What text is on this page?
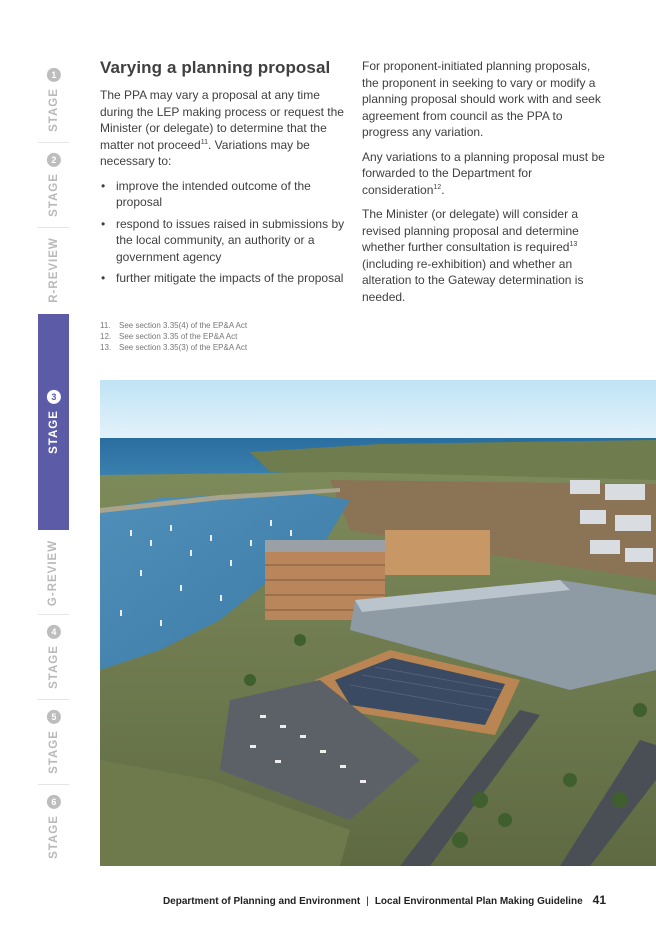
STAGE
1
STAGE
2
R-REVIEW
STAGE
3
G-REVIEW
STAGE
4
STAGE
5
STAGE
6
Varying a planning proposal

The PPA may vary a proposal at any time during the LEP making process or request the Minister (or delegate) to determine that the matter not proceed$^{11}$. Variations may be necessary to:

• improve the intended outcome of the proposal
• respond to issues raised in submissions by the local community, an authority or a government agency
• further mitigate the impacts of the proposal

For proponent-initiated planning proposals, the proponent in seeking to vary or modify a planning proposal should work with and seek agreement from council as the PPA to progress any variation.

Any variations to a planning proposal must be forwarded to the Department for consideration$^{12}$.

The Minister (or delegate) will consider a revised planning proposal and determine whether further consultation is required$^{13}$ (including re-exhibition) and whether an alteration to the Gateway determination is needed.

11.	See section 3.35(4) of the EP&A Act
12. See section 3.35 of the EP&A Act
13. See section 3.35(3) of the EP&A Act
Department of Planning and Environment | Local Environmental Plan Making Guideline 41
